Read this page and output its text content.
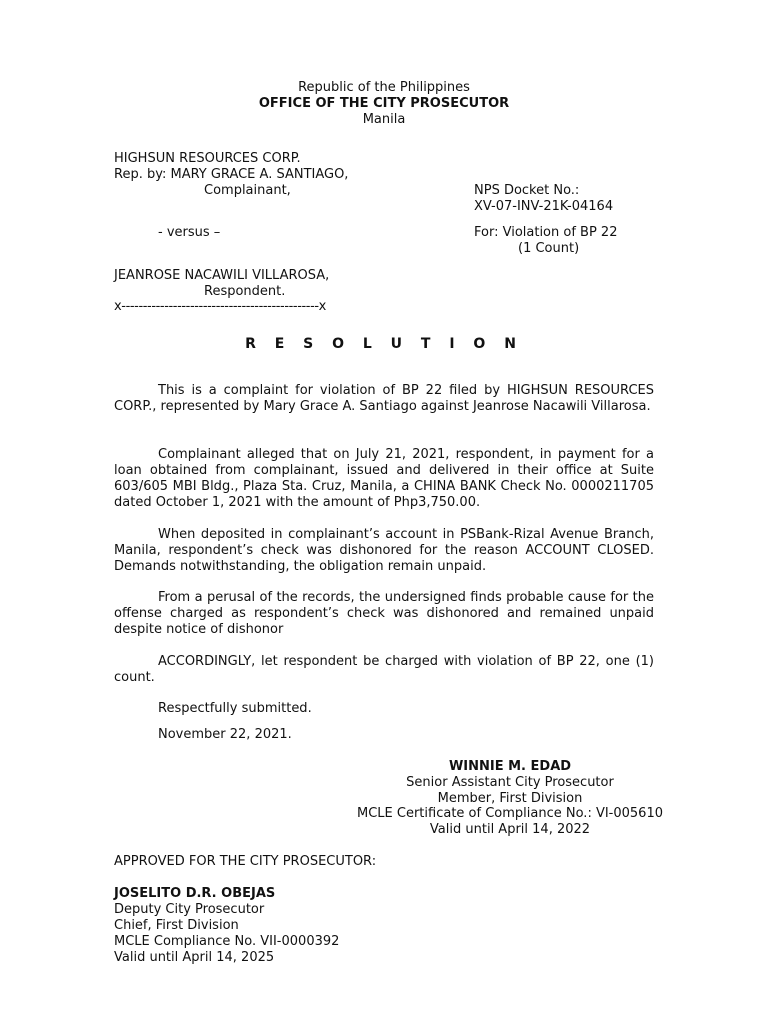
Republic of the Philippines
OFFICE OF THE CITY PROSECUTOR
Manila
HIGHSUN RESOURCES CORP.
Rep. by: MARY GRACE A. SANTIAGO,
Complainant,	NPS Docket No.:
XV-07-INV-21K-04164
- versus –	For: Violation of BP 22
(1 Count)
JEANROSE NACAWILI VILLAROSA,
Respondent.
x----------------------------------------------x
R E S O L U T I O N
This is a complaint for violation of BP 22 filed by HIGHSUN RESOURCES CORP., represented by Mary Grace A. Santiago against Jeanrose Nacawili Villarosa.
Complainant alleged that on July 21, 2021, respondent, in payment for a loan obtained from complainant, issued and delivered in their office at Suite 603/605 MBI Bldg., Plaza Sta. Cruz, Manila, a CHINA BANK Check No. 0000211705 dated October 1, 2021 with the amount of Php3,750.00.
When deposited in complainant’s account in PSBank-Rizal Avenue Branch, Manila, respondent’s check was dishonored for the reason ACCOUNT CLOSED. Demands notwithstanding, the obligation remain unpaid.
From a perusal of the records, the undersigned finds probable cause for the offense charged as respondent’s check was dishonored and remained unpaid despite notice of dishonor
ACCORDINGLY, let respondent be charged with violation of BP 22, one (1) count.
Respectfully submitted.
November 22, 2021.
WINNIE M. EDAD
Senior Assistant City Prosecutor
Member, First Division
MCLE Certificate of Compliance No.: VI-005610
Valid until April 14, 2022
APPROVED FOR THE CITY PROSECUTOR:
JOSELITO D.R. OBEJAS
Deputy City Prosecutor
Chief, First Division
MCLE Compliance No. VII-0000392
Valid until April 14, 2025
